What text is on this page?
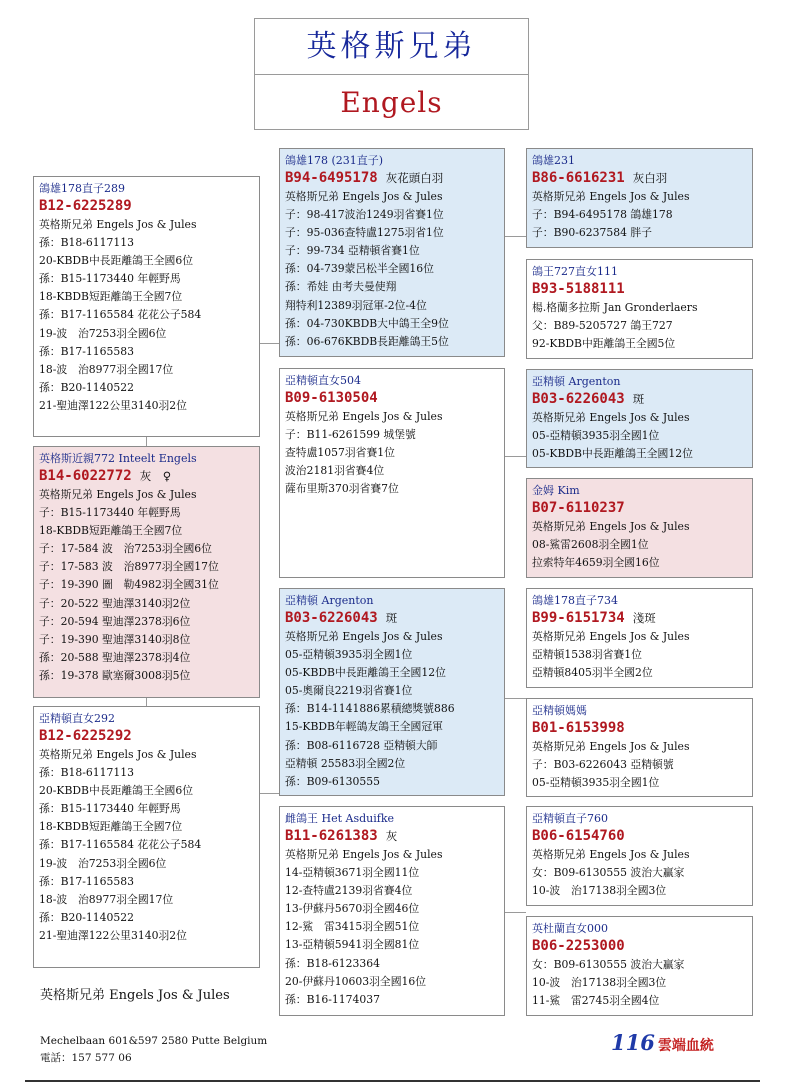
英格斯兄弟
Engels
鴿雄178直子289
B12-6225289
英格斯兄弟 Engels Jos & Jules
孫：B18-6117113
20-KBDB中長距離鴿王全國6位
孫：B15-1173440 年輕野馬
18-KBDB短距離鴿王全國7位
孫：B17-1165584 花花公子584
19-波　治7253羽全國6位
孫：B17-1165583
18-波　治8977羽全國17位
孫：B20-1140522
21-聖迪澤122公里3140羽2位
鴿雄178 (231直子)
B94-6495178 灰花頭白羽
英格斯兄弟 Engels Jos & Jules
子：98-417波治1249羽省賽1位
子：95-036查特盧1275羽省1位
子：99-734 亞精頓省賽1位
孫：04-739蒙呂松半全國16位
孫：希娃 由考夫曼使翔
翔特利12389羽冠軍-2位-4位
孫：04-730KBDB大中鴿王全9位
孫：06-676KBDB長距離鴿王5位
鴿雄231
B86-6616231 灰白羽
英格斯兄弟 Engels Jos & Jules
子：B94-6495178 鴿雄178
子：B90-6237584 胖子
鴿王727直女111
B93-5188111
楊.格蘭多拉斯 Jan Gronderlaers
父：B89-5205727 鴿王727
92-KBDB中距離鴿王全國5位
亞精頓直女504
B09-6130504
英格斯兄弟 Engels Jos & Jules
子：B11-6261599 城堡號
查特盧1057羽省賽1位
波治2181羽省賽4位
薩布里斯370羽省賽7位
亞精頓 Argenton
B03-6226043 斑
英格斯兄弟 Engels Jos & Jules
05-亞精頓3935羽全國1位
05-KBDB中長距離鴿王全國12位
金姆 Kim
B07-6110237
英格斯兄弟 Engels Jos & Jules
08-鯊雷2608羽全國1位
拉索特年4659羽全國16位
英格斯近親772 Inteelt Engels
B14-6022772 灰　♀
英格斯兄弟 Engels Jos & Jules
子：B15-1173440 年輕野馬
18-KBDB短距離鴿王全國7位
子：17-584 波　治7253羽全國6位
子：17-583 波　治8977羽全國17位
子：19-390 圖　勒4982羽全國31位
子：20-522 聖迪澤3140羽2位
子：20-594 聖迪澤2378羽6位
子：19-390 聖迪澤3140羽8位
孫：20-588 聖迪澤2378羽4位
孫：19-378 歐塞爾3008羽5位
亞精頓直女292
B12-6225292
英格斯兄弟 Engels Jos & Jules
孫：B18-6117113
20-KBDB中長距離鴿王全國6位
孫：B15-1173440 年輕野馬
18-KBDB短距離鴿王全國7位
孫：B17-1165584 花花公子584
19-波　治7253羽全國6位
孫：B17-1165583
18-波　治8977羽全國17位
孫：B20-1140522
21-聖迪澤122公里3140羽2位
亞精頓 Argenton
B03-6226043 斑
英格斯兄弟 Engels Jos & Jules
05-亞精頓3935羽全國1位
05-KBDB中長距離鴿王全國12位
05-奧爾良2219羽省賽1位
孫：B14-1141886累積總獎號886
15-KBDB年輕鴿友鴿王全國冠軍
孫：B08-6116728 亞精頓大師
亞精頓 25583羽全國2位
孫：B09-6130555
鴿雄178直子734
B99-6151734 淺斑
英格斯兄弟 Engels Jos & Jules
亞精頓1538羽省賽1位
亞精頓8405羽半全國2位
亞精頓媽媽
B01-6153998
英格斯兄弟 Engels Jos & Jules
子：B03-6226043 亞精頓號
05-亞精頓3935羽全國1位
雌鴿王 Het Asduifke
B11-6261383 灰
英格斯兄弟 Engels Jos & Jules
14-亞精頓3671羽全國11位
12-查特盧2139羽省賽4位
13-伊蘇丹5670羽全國46位
12-鯊　雷3415羽全國51位
13-亞精頓5941羽全國81位
孫：B18-6123364
20-伊蘇丹10603羽全國16位
孫：B16-1174037
亞精頓直子760
B06-6154760
英格斯兄弟 Engels Jos & Jules
女：B09-6130555 波治大贏家
10-波　治17138羽全國3位
英杜蘭直女000
B06-2253000
女：B09-6130555 波治大贏家
10-波　治17138羽全國3位
11-鯊　雷2745羽全國4位
英格斯兄弟 Engels Jos & Jules
Mechelbaan 601&597 2580 Putte Belgium
電話：157 577 06
116 雲端血統
